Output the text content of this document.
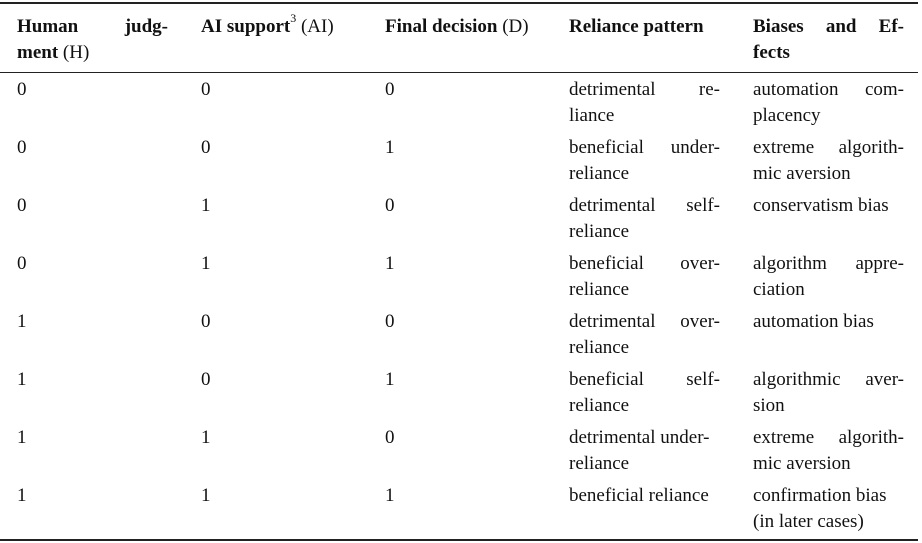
Human judg- ment (H)	AI support$^3$ (AI)	Final decision (D)	Reliance pattern	Biases and Ef- fects

0	0	0	detrimental re- liance	automation com- placency

0	0	1	beneficial under- reliance	extreme algorith- mic aversion

0	1	0	detrimental self- reliance	conservatism bias

0	1	1	beneficial over- reliance	algorithm appre- ciation

1	0	0	detrimental over- reliance	automation bias

1	0	1	beneficial self- reliance	algorithmic aver- sion

1	1	0	detrimental under-reliance	extreme algorith- mic aversion

1	1	1	beneficial reliance	confirmation bias (in later cases)
